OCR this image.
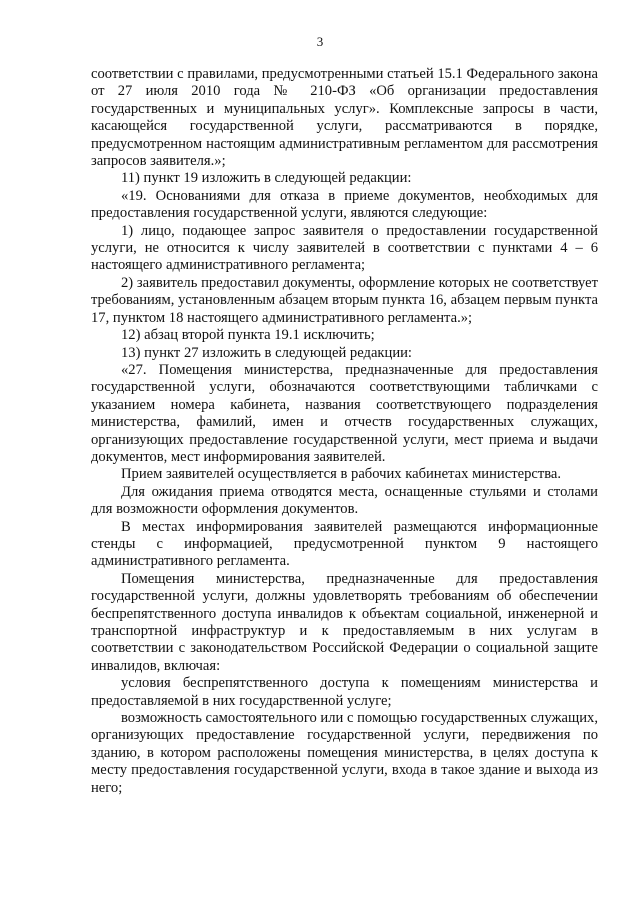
3

соответствии с правилами, предусмотренными статьей 15.1 Федерального закона от 27 июля 2010 года № 210-ФЗ «Об организации предоставления государственных и муниципальных услуг». Комплексные запросы в части, касающейся государственной услуги, рассматриваются в порядке, предусмотренном настоящим административным регламентом для рассмотрения запросов заявителя.»;

11) пункт 19 изложить в следующей редакции:

«19. Основаниями для отказа в приеме документов, необходимых для предоставления государственной услуги, являются следующие:

1) лицо, подающее запрос заявителя о предоставлении государственной услуги, не относится к числу заявителей в соответствии с пунктами 4 – 6 настоящего административного регламента;

2) заявитель предоставил документы, оформление которых не соответствует требованиям, установленным абзацем вторым пункта 16, абзацем первым пункта 17, пунктом 18 настоящего административного регламента.»;

12) абзац второй пункта 19.1 исключить;

13) пункт 27 изложить в следующей редакции:

«27. Помещения министерства, предназначенные для предоставления государственной услуги, обозначаются соответствующими табличками с указанием номера кабинета, названия соответствующего подразделения министерства, фамилий, имен и отчеств государственных служащих, организующих предоставление государственной услуги, мест приема и выдачи документов, мест информирования заявителей.

Прием заявителей осуществляется в рабочих кабинетах министерства.

Для ожидания приема отводятся места, оснащенные стульями и столами для возможности оформления документов.

В местах информирования заявителей размещаются информационные стенды с информацией, предусмотренной пунктом 9 настоящего административного регламента.

Помещения министерства, предназначенные для предоставления государственной услуги, должны удовлетворять требованиям об обеспечении беспрепятственного доступа инвалидов к объектам социальной, инженерной и транспортной инфраструктур и к предоставляемым в них услугам в соответствии с законодательством Российской Федерации о социальной защите инвалидов, включая:

условия беспрепятственного доступа к помещениям министерства и предоставляемой в них государственной услуге;

возможность самостоятельного или с помощью государственных служащих, организующих предоставление государственной услуги, передвижения по зданию, в котором расположены помещения министерства, в целях доступа к месту предоставления государственной услуги, входа в такое здание и выхода из него;
